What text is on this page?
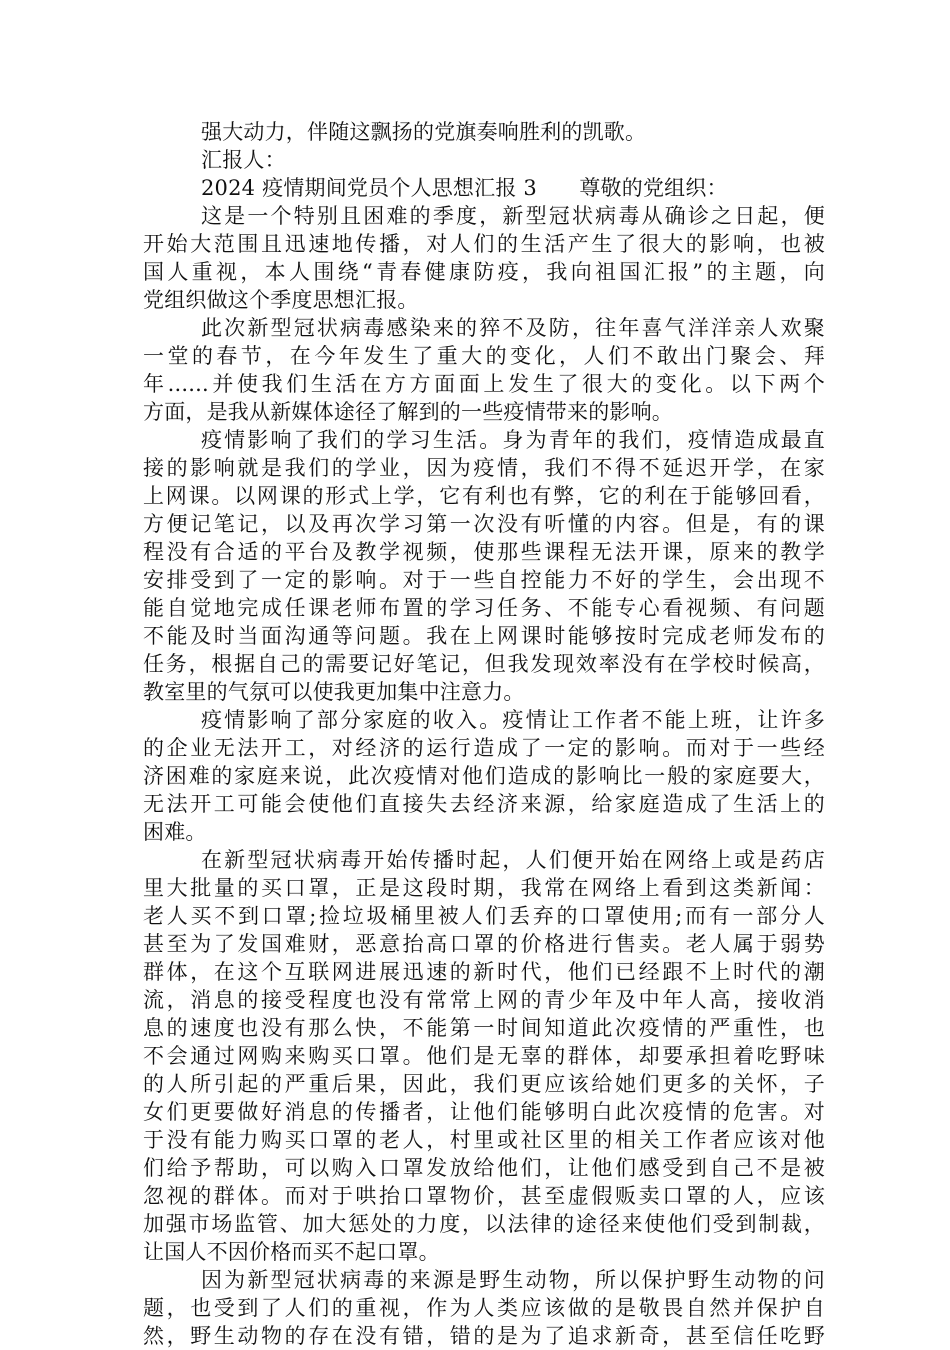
强大动力，伴随这飘扬的党旗奏响胜利的凯歌。
汇报人：
2024 疫情期间党员个人思想汇报 3　　尊敬的党组织：
这是一个特别且困难的季度，新型冠状病毒从确诊之日起，便
开始大范围且迅速地传播，对人们的生活产生了很大的影响，也被
国人重视，本人围绕“青春健康防疫，我向祖国汇报”的主题，向
党组织做这个季度思想汇报。
此次新型冠状病毒感染来的猝不及防，往年喜气洋洋亲人欢聚
一堂的春节，在今年发生了重大的变化，人们不敢出门聚会、拜
年......并使我们生活在方方面面上发生了很大的变化。以下两个
方面，是我从新媒体途径了解到的一些疫情带来的影响。
疫情影响了我们的学习生活。身为青年的我们，疫情造成最直
接的影响就是我们的学业，因为疫情，我们不得不延迟开学，在家
上网课。以网课的形式上学，它有利也有弊，它的利在于能够回看，
方便记笔记，以及再次学习第一次没有听懂的内容。但是，有的课
程没有合适的平台及教学视频，使那些课程无法开课，原来的教学
安排受到了一定的影响。对于一些自控能力不好的学生，会出现不
能自觉地完成任课老师布置的学习任务、不能专心看视频、有问题
不能及时当面沟通等问题。我在上网课时能够按时完成老师发布的
任务，根据自己的需要记好笔记，但我发现效率没有在学校时候高，
教室里的气氛可以使我更加集中注意力。
疫情影响了部分家庭的收入。疫情让工作者不能上班，让许多
的企业无法开工，对经济的运行造成了一定的影响。而对于一些经
济困难的家庭来说，此次疫情对他们造成的影响比一般的家庭要大，
无法开工可能会使他们直接失去经济来源，给家庭造成了生活上的
困难。
在新型冠状病毒开始传播时起，人们便开始在网络上或是药店
里大批量的买口罩，正是这段时期，我常在网络上看到这类新闻：
老人买不到口罩;捡垃圾桶里被人们丢弃的口罩使用;而有一部分人
甚至为了发国难财，恶意抬高口罩的价格进行售卖。老人属于弱势
群体，在这个互联网进展迅速的新时代，他们已经跟不上时代的潮
流，消息的接受程度也没有常常上网的青少年及中年人高，接收消
息的速度也没有那么快，不能第一时间知道此次疫情的严重性，也
不会通过网购来购买口罩。他们是无辜的群体，却要承担着吃野味
的人所引起的严重后果，因此，我们更应该给她们更多的关怀，子
女们更要做好消息的传播者，让他们能够明白此次疫情的危害。对
于没有能力购买口罩的老人，村里或社区里的相关工作者应该对他
们给予帮助，可以购入口罩发放给他们，让他们感受到自己不是被
忽视的群体。而对于哄抬口罩物价，甚至虚假贩卖口罩的人，应该
加强市场监管、加大惩处的力度，以法律的途径来使他们受到制裁，
让国人不因价格而买不起口罩。
因为新型冠状病毒的来源是野生动物，所以保护野生动物的问
题，也受到了人们的重视，作为人类应该做的是敬畏自然并保护自
然，野生动物的存在没有错，错的是为了追求新奇，甚至信任吃野
